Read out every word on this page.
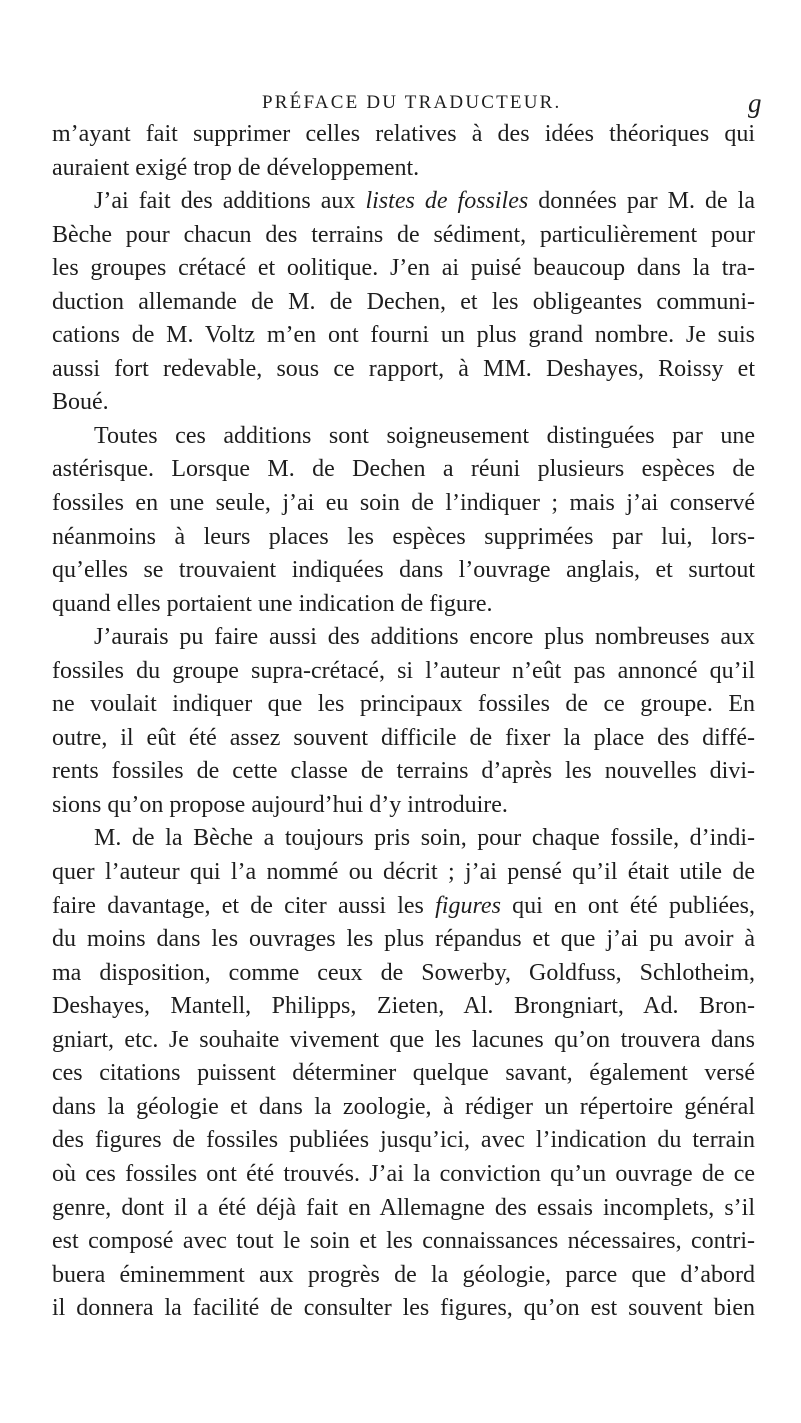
PRÉFACE DU TRADUCTEUR.	g
m’ayant fait supprimer celles relatives à des idées théoriques qui
auraient exigé trop de développement.
J’ai fait des additions aux listes de fossiles données par M. de la
Bèche pour chacun des terrains de sédiment, particulièrement pour
les groupes crétacé et oolitique. J’en ai puisé beaucoup dans la tra-
duction allemande de M. de Dechen, et les obligeantes communi-
cations de M. Voltz m’en ont fourni un plus grand nombre. Je suis
aussi fort redevable, sous ce rapport, à MM. Deshayes, Roissy et
Boué.
Toutes ces additions sont soigneusement distinguées par une
astérisque. Lorsque M. de Dechen a réuni plusieurs espèces de
fossiles en une seule, j’ai eu soin de l’indiquer ; mais j’ai conservé
néanmoins à leurs places les espèces supprimées par lui, lors-
qu’elles se trouvaient indiquées dans l’ouvrage anglais, et surtout
quand elles portaient une indication de figure.
J’aurais pu faire aussi des additions encore plus nombreuses aux
fossiles du groupe supra-crétacé, si l’auteur n’eût pas annoncé qu’il
ne voulait indiquer que les principaux fossiles de ce groupe. En
outre, il eût été assez souvent difficile de fixer la place des diffé-
rents fossiles de cette classe de terrains d’après les nouvelles divi-
sions qu’on propose aujourd’hui d’y introduire.
M. de la Bèche a toujours pris soin, pour chaque fossile, d’indi-
quer l’auteur qui l’a nommé ou décrit ; j’ai pensé qu’il était utile de
faire davantage, et de citer aussi les figures qui en ont été publiées,
du moins dans les ouvrages les plus répandus et que j’ai pu avoir à
ma disposition, comme ceux de Sowerby, Goldfuss, Schlotheim,
Deshayes, Mantell, Philipps, Zieten, Al. Brongniart, Ad. Bron-
gniart, etc. Je souhaite vivement que les lacunes qu’on trouvera dans
ces citations puissent déterminer quelque savant, également versé
dans la géologie et dans la zoologie, à rédiger un répertoire général
des figures de fossiles publiées jusqu’ici, avec l’indication du terrain
où ces fossiles ont été trouvés. J’ai la conviction qu’un ouvrage de ce
genre, dont il a été déjà fait en Allemagne des essais incomplets, s’il
est composé avec tout le soin et les connaissances nécessaires, contri-
buera éminemment aux progrès de la géologie, parce que d’abord
il donnera la facilité de consulter les figures, qu’on est souvent bien
